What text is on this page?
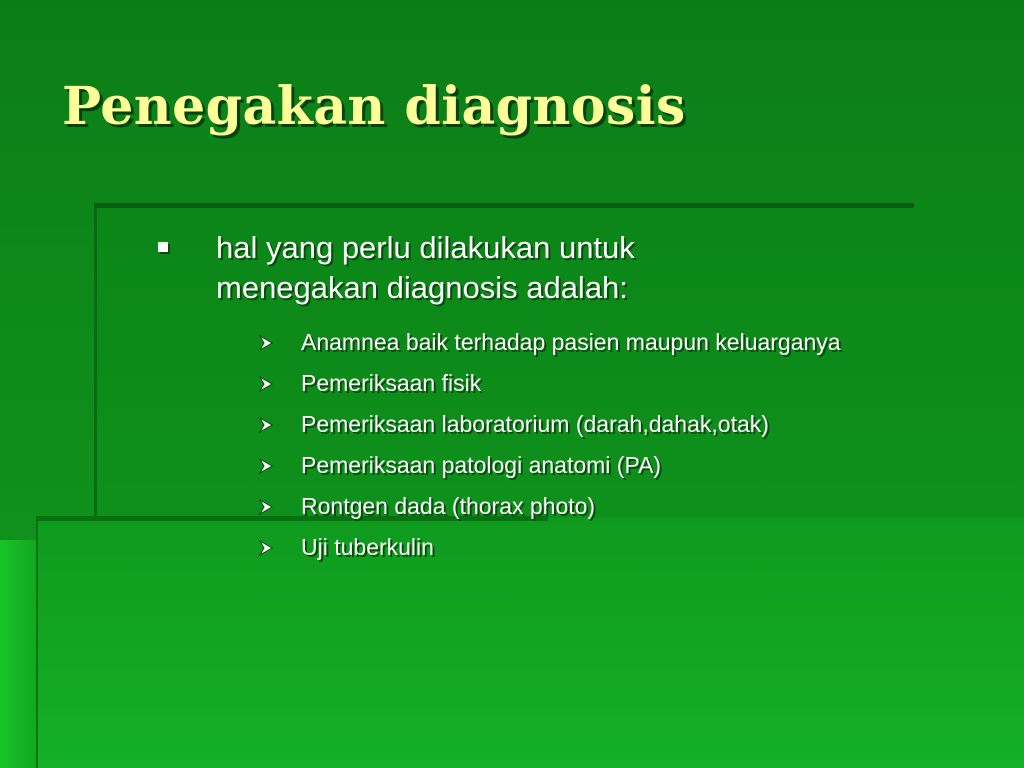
Penegakan diagnosis
hal yang perlu dilakukan untuk menegakan diagnosis adalah:
Anamnea baik terhadap pasien maupun keluarganya
Pemeriksaan fisik
Pemeriksaan laboratorium (darah,dahak,otak)
Pemeriksaan patologi anatomi (PA)
Rontgen dada (thorax photo)
Uji tuberkulin
